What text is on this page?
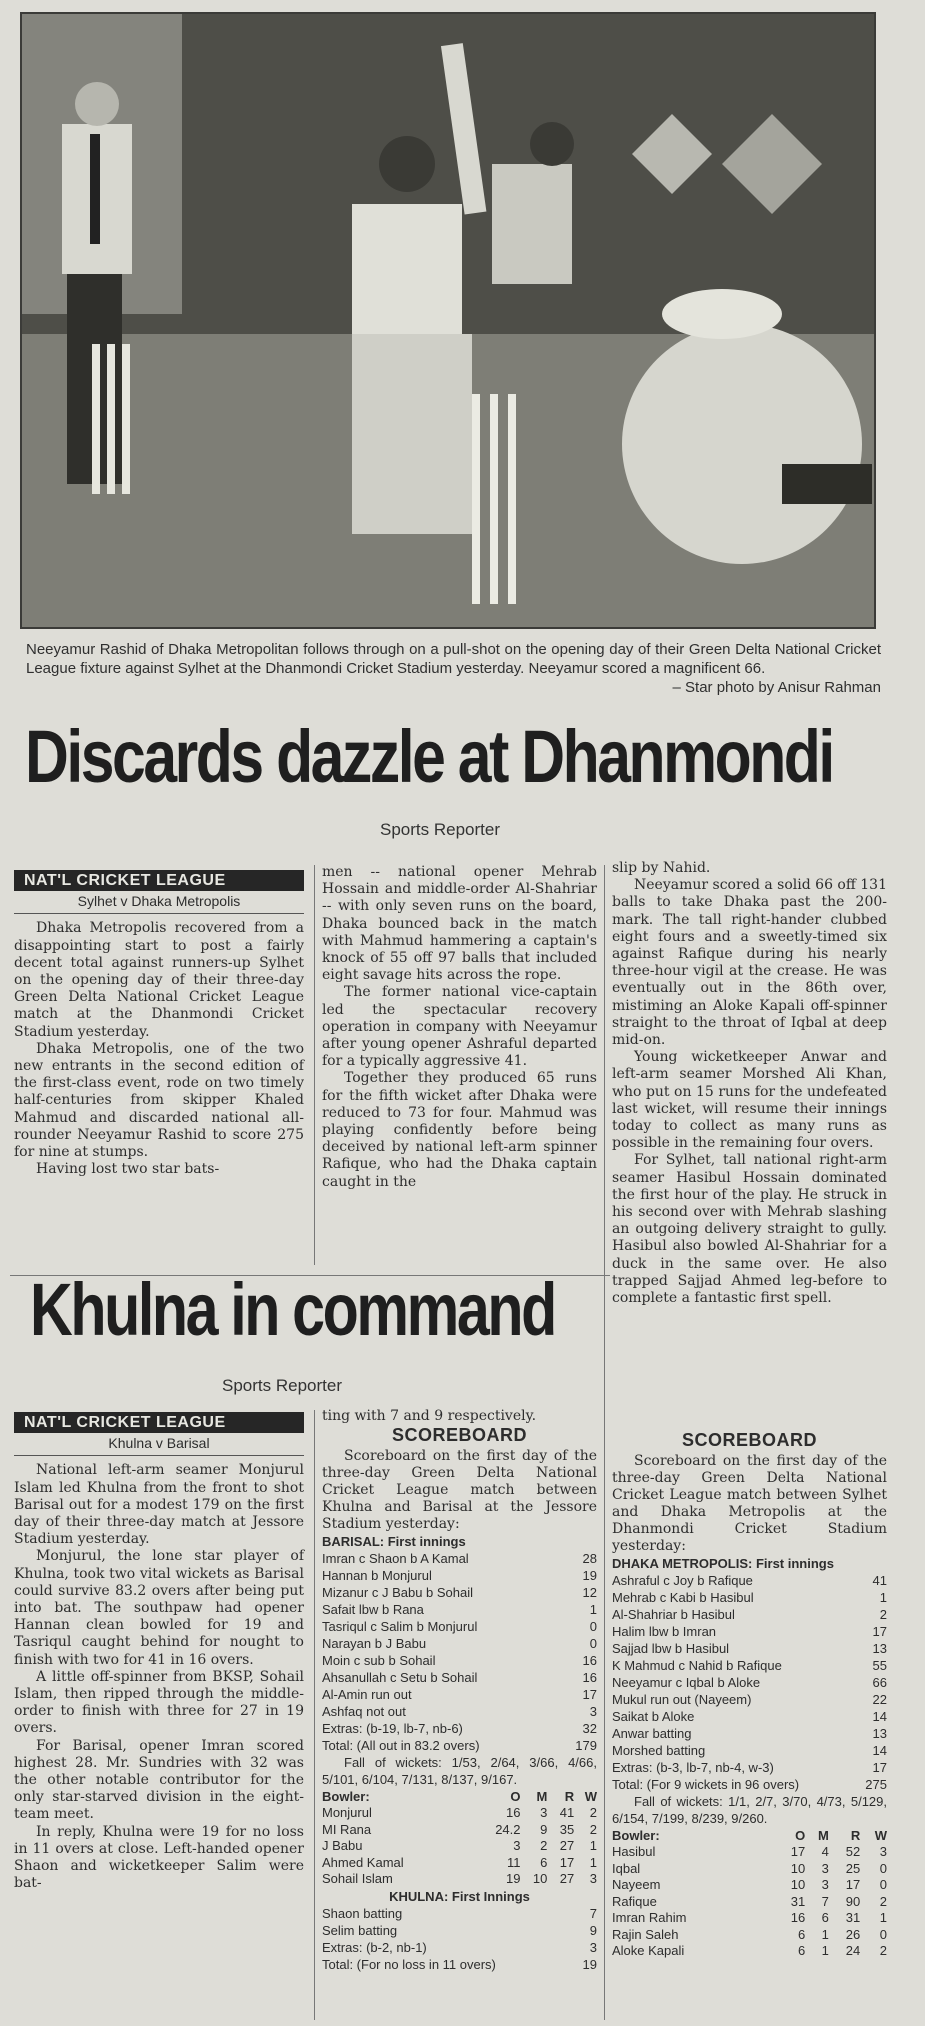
Neeyamur Rashid of Dhaka Metropolitan follows through on a pull-shot on the opening day of their Green Delta National Cricket League fixture against Sylhet at the Dhanmondi Cricket Stadium yesterday. Neeyamur scored a magnificent 66.
– Star photo by Anisur Rahman
Discards dazzle at Dhanmondi
Sports Reporter
NAT'L CRICKET LEAGUE
Sylhet v Dhaka Metropolis

Dhaka Metropolis recovered from a disappointing start to post a fairly decent total against runners-up Sylhet on the opening day of their three-day Green Delta National Cricket League match at the Dhanmondi Cricket Stadium yesterday.

Dhaka Metropolis, one of the two new entrants in the second edition of the first-class event, rode on two timely half-centuries from skipper Khaled Mahmud and discarded national all-rounder Neeyamur Rashid to score 275 for nine at stumps.

Having lost two star bats-

men -- national opener Mehrab Hossain and middle-order Al-Shahriar -- with only seven runs on the board, Dhaka bounced back in the match with Mahmud hammering a captain's knock of 55 off 97 balls that included eight savage hits across the rope.

The former national vice-captain led the spectacular recovery operation in company with Neeyamur after young opener Ashraful departed for a typically aggressive 41.

Together they produced 65 runs for the fifth wicket after Dhaka were reduced to 73 for four. Mahmud was playing confidently before being deceived by national left-arm spinner Rafique, who had the Dhaka captain caught in the

slip by Nahid.

Neeyamur scored a solid 66 off 131 balls to take Dhaka past the 200-mark. The tall right-hander clubbed eight fours and a sweetly-timed six against Rafique during his nearly three-hour vigil at the crease. He was eventually out in the 86th over, mistiming an Aloke Kapali off-spinner straight to the throat of Iqbal at deep mid-on.

Young wicketkeeper Anwar and left-arm seamer Morshed Ali Khan, who put on 15 runs for the undefeated last wicket, will resume their innings today to collect as many runs as possible in the remaining four overs.

For Sylhet, tall national right-arm seamer Hasibul Hossain dominated the first hour of the play. He struck in his second over with Mehrab slashing an outgoing delivery straight to gully. Hasibul also bowled Al-Shahriar for a duck in the same over. He also trapped Sajjad Ahmed leg-before to complete a fantastic first spell.

Khulna in command
Sports Reporter
NAT'L CRICKET LEAGUE
Khulna v Barisal

National left-arm seamer Monjurul Islam led Khulna from the front to shot Barisal out for a modest 179 on the first day of their three-day match at Jessore Stadium yesterday.

Monjurul, the lone star player of Khulna, took two vital wickets as Barisal could survive 83.2 overs after being put into bat. The southpaw had opener Hannan clean bowled for 19 and Tasriqul caught behind for nought to finish with two for 41 in 16 overs.

A little off-spinner from BKSP, Sohail Islam, then ripped through the middle-order to finish with three for 27 in 19 overs.

For Barisal, opener Imran scored highest 28. Mr. Sundries with 32 was the other notable contributor for the only star-starved division in the eight-team meet.

In reply, Khulna were 19 for no loss in 11 overs at close. Left-handed opener Shaon and wicketkeeper Salim were bat-

ting with 7 and 9 respectively.
SCOREBOARD

Scoreboard on the first day of the three-day Green Delta National Cricket League match between Khulna and Barisal at the Jessore Stadium yesterday:

BARISAL: First innings
Imran c Shaon b A Kamal	28
Hannan b Monjurul	19
Mizanur c J Babu b Sohail	12
Safait lbw b Rana	1
Tasriqul c Salim b Monjurul	0
Narayan b J Babu	0
Moin c sub b Sohail	16
Ahsanullah c Setu b Sohail	16
Al-Amin run out	17
Ashfaq not out	3
Extras: (b-19, lb-7, nb-6)	32
Total: (All out in 83.2 overs)	179

Fall of wickets: 1/53, 2/64, 3/66, 4/66, 5/101, 6/104, 7/131, 8/137, 9/167.

Bowler:	O	M	R	W
Monjurul	16	3	41	2
MI Rana	24.2	9	35	2
J Babu	3	2	27	1
Ahmed Kamal	11	6	17	1
Sohail Islam	19	10	27	3
KHULNA: First Innings
Shaon batting	7
Selim batting	9
Extras: (b-2, nb-1)	3
Total: (For no loss in 11 overs)	19
SCOREBOARD

Scoreboard on the first day of the three-day Green Delta National Cricket League match between Sylhet and Dhaka Metropolis at the Dhanmondi Cricket Stadium yesterday:

DHAKA METROPOLIS: First innings
Ashraful c Joy b Rafique	41
Mehrab c Kabi b Hasibul	1
Al-Shahriar b Hasibul	2
Halim lbw b Imran	17
Sajjad lbw b Hasibul	13
K Mahmud c Nahid b Rafique	55
Neeyamur c Iqbal b Aloke	66
Mukul run out (Nayeem)	22
Saikat b Aloke	14
Anwar batting	13
Morshed batting	14
Extras: (b-3, lb-7, nb-4, w-3)	17
Total: (For 9 wickets in 96 overs)	275

Fall of wickets: 1/1, 2/7, 3/70, 4/73, 5/129, 6/154, 7/199, 8/239, 9/260.

Bowler:	O	M	R	W
Hasibul	17	4	52	3
Iqbal	10	3	25	0
Nayeem	10	3	17	0
Rafique	31	7	90	2
Imran Rahim	16	6	31	1
Rajin Saleh	6	1	26	0
Aloke Kapali	6	1	24	2
